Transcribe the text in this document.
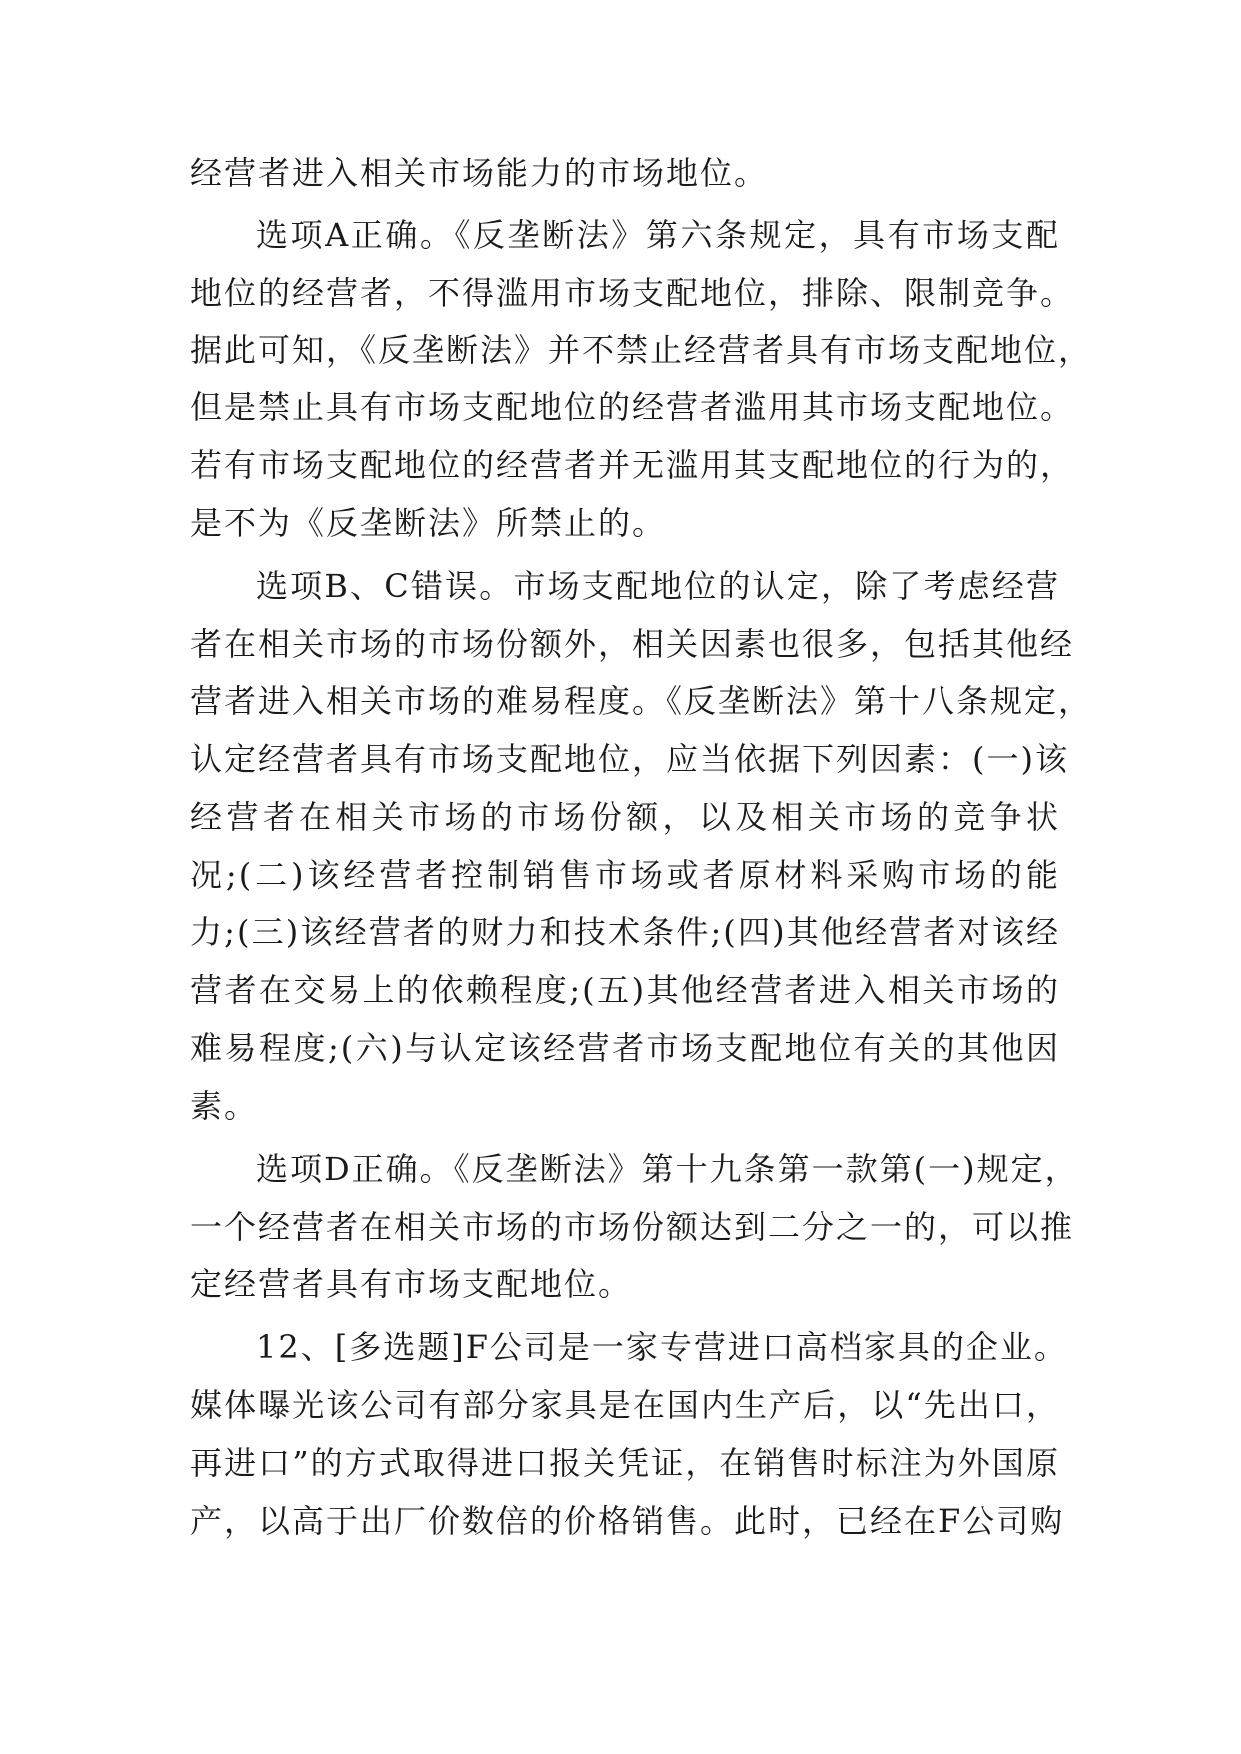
经营者进入相关市场能力的市场地位。
选项A正确。《反垄断法》第六条规定，具有市场支配
地位的经营者，不得滥用市场支配地位，排除、限制竞争。
据此可知，《反垄断法》并不禁止经营者具有市场支配地位，
但是禁止具有市场支配地位的经营者滥用其市场支配地位。
若有市场支配地位的经营者并无滥用其支配地位的行为的，
是不为《反垄断法》所禁止的。
选项B、C错误。市场支配地位的认定，除了考虑经营
者在相关市场的市场份额外，相关因素也很多，包括其他经
营者进入相关市场的难易程度。《反垄断法》第十八条规定，
认定经营者具有市场支配地位，应当依据下列因素：(一)该
经营者在相关市场的市场份额，以及相关市场的竞争状
况;(二)该经营者控制销售市场或者原材料采购市场的能
力;(三)该经营者的财力和技术条件;(四)其他经营者对该经
营者在交易上的依赖程度;(五)其他经营者进入相关市场的
难易程度;(六)与认定该经营者市场支配地位有关的其他因
素。
选项D正确。《反垄断法》第十九条第一款第(一)规定，
一个经营者在相关市场的市场份额达到二分之一的，可以推
定经营者具有市场支配地位。
12、[多选题]F公司是一家专营进口高档家具的企业。
媒体曝光该公司有部分家具是在国内生产后，以“先出口，
再进口”的方式取得进口报关凭证，在销售时标注为外国原
产，以高于出厂价数倍的价格销售。此时，已经在F公司购
